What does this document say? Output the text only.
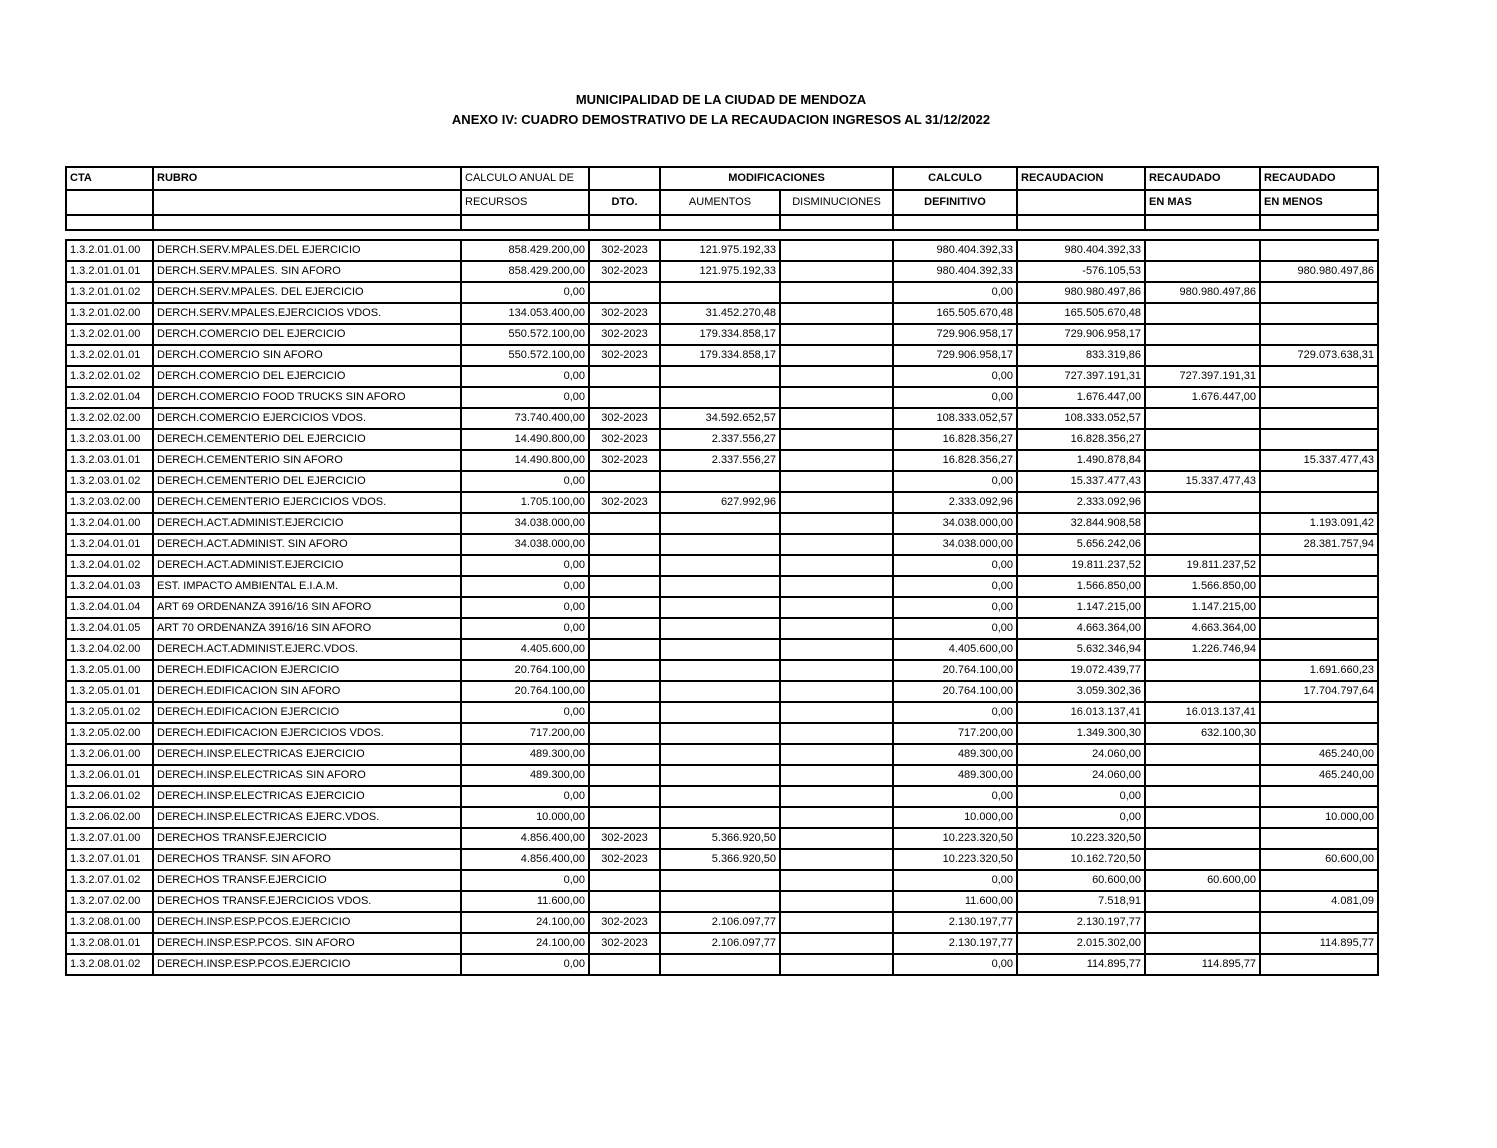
MUNICIPALIDAD DE LA CIUDAD DE MENDOZA
ANEXO IV: CUADRO DEMOSTRATIVO DE LA RECAUDACION INGRESOS AL 31/12/2022
CTA	RUBRO	CALCULO ANUAL DE		MODIFICACIONES		CALCULO	RECAUDACION	RECAUDADO	RECAUDADO
		RECURSOS	DTO.	AUMENTOS	DISMINUCIONES	DEFINITIVO		EN MAS	EN MENOS

1.3.2.01.01.00	DERCH.SERV.MPALES.DEL EJERCICIO	858.429.200,00	302-2023	121.975.192,33		980.404.392,33	980.404.392,33		
1.3.2.01.01.01	DERCH.SERV.MPALES. SIN AFORO	858.429.200,00	302-2023	121.975.192,33		980.404.392,33	-576.105,53		980.980.497,86
1.3.2.01.01.02	DERCH.SERV.MPALES. DEL EJERCICIO	0,00				0,00	980.980.497,86	980.980.497,86	
1.3.2.01.02.00	DERCH.SERV.MPALES.EJERCICIOS VDOS.	134.053.400,00	302-2023	31.452.270,48		165.505.670,48	165.505.670,48		
1.3.2.02.01.00	DERCH.COMERCIO DEL EJERCICIO	550.572.100,00	302-2023	179.334.858,17		729.906.958,17	729.906.958,17		
1.3.2.02.01.01	DERCH.COMERCIO SIN AFORO	550.572.100,00	302-2023	179.334.858,17		729.906.958,17	833.319,86		729.073.638,31
1.3.2.02.01.02	DERCH.COMERCIO DEL EJERCICIO	0,00				0,00	727.397.191,31	727.397.191,31	
1.3.2.02.01.04	DERCH.COMERCIO FOOD TRUCKS SIN AFORO	0,00				0,00	1.676.447,00	1.676.447,00	
1.3.2.02.02.00	DERCH.COMERCIO EJERCICIOS VDOS.	73.740.400,00	302-2023	34.592.652,57		108.333.052,57	108.333.052,57		
1.3.2.03.01.00	DERECH.CEMENTERIO DEL EJERCICIO	14.490.800,00	302-2023	2.337.556,27		16.828.356,27	16.828.356,27		
1.3.2.03.01.01	DERECH.CEMENTERIO SIN AFORO	14.490.800,00	302-2023	2.337.556,27		16.828.356,27	1.490.878,84		15.337.477,43
1.3.2.03.01.02	DERECH.CEMENTERIO DEL EJERCICIO	0,00				0,00	15.337.477,43	15.337.477,43	
1.3.2.03.02.00	DERECH.CEMENTERIO EJERCICIOS VDOS.	1.705.100,00	302-2023	627.992,96		2.333.092,96	2.333.092,96		
1.3.2.04.01.00	DERECH.ACT.ADMINIST.EJERCICIO	34.038.000,00				34.038.000,00	32.844.908,58		1.193.091,42
1.3.2.04.01.01	DERECH.ACT.ADMINIST. SIN AFORO	34.038.000,00				34.038.000,00	5.656.242,06		28.381.757,94
1.3.2.04.01.02	DERECH.ACT.ADMINIST.EJERCICIO	0,00				0,00	19.811.237,52	19.811.237,52	
1.3.2.04.01.03	EST. IMPACTO AMBIENTAL E.I.A.M.	0,00				0,00	1.566.850,00	1.566.850,00	
1.3.2.04.01.04	ART 69 ORDENANZA 3916/16 SIN AFORO	0,00				0,00	1.147.215,00	1.147.215,00	
1.3.2.04.01.05	ART 70 ORDENANZA 3916/16 SIN AFORO	0,00				0,00	4.663.364,00	4.663.364,00	
1.3.2.04.02.00	DERECH.ACT.ADMINIST.EJERC.VDOS.	4.405.600,00				4.405.600,00	5.632.346,94	1.226.746,94	
1.3.2.05.01.00	DERECH.EDIFICACION EJERCICIO	20.764.100,00				20.764.100,00	19.072.439,77		1.691.660,23
1.3.2.05.01.01	DERECH.EDIFICACION SIN AFORO	20.764.100,00				20.764.100,00	3.059.302,36		17.704.797,64
1.3.2.05.01.02	DERECH.EDIFICACION EJERCICIO	0,00				0,00	16.013.137,41	16.013.137,41	
1.3.2.05.02.00	DERECH.EDIFICACION EJERCICIOS VDOS.	717.200,00				717.200,00	1.349.300,30	632.100,30	
1.3.2.06.01.00	DERECH.INSP.ELECTRICAS EJERCICIO	489.300,00				489.300,00	24.060,00		465.240,00
1.3.2.06.01.01	DERECH.INSP.ELECTRICAS SIN AFORO	489.300,00				489.300,00	24.060,00		465.240,00
1.3.2.06.01.02	DERECH.INSP.ELECTRICAS EJERCICIO	0,00				0,00	0,00		
1.3.2.06.02.00	DERECH.INSP.ELECTRICAS EJERC.VDOS.	10.000,00				10.000,00	0,00		10.000,00
1.3.2.07.01.00	DERECHOS TRANSF.EJERCICIO	4.856.400,00	302-2023	5.366.920,50		10.223.320,50	10.223.320,50		
1.3.2.07.01.01	DERECHOS TRANSF. SIN AFORO	4.856.400,00	302-2023	5.366.920,50		10.223.320,50	10.162.720,50		60.600,00
1.3.2.07.01.02	DERECHOS TRANSF.EJERCICIO	0,00				0,00	60.600,00	60.600,00	
1.3.2.07.02.00	DERECHOS TRANSF.EJERCICIOS VDOS.	11.600,00				11.600,00	7.518,91		4.081,09
1.3.2.08.01.00	DERECH.INSP.ESP.PCOS.EJERCICIO	24.100,00	302-2023	2.106.097,77		2.130.197,77	2.130.197,77		
1.3.2.08.01.01	DERECH.INSP.ESP.PCOS. SIN AFORO	24.100,00	302-2023	2.106.097,77		2.130.197,77	2.015.302,00		114.895,77
1.3.2.08.01.02	DERECH.INSP.ESP.PCOS.EJERCICIO	0,00				0,00	114.895,77	114.895,77	
